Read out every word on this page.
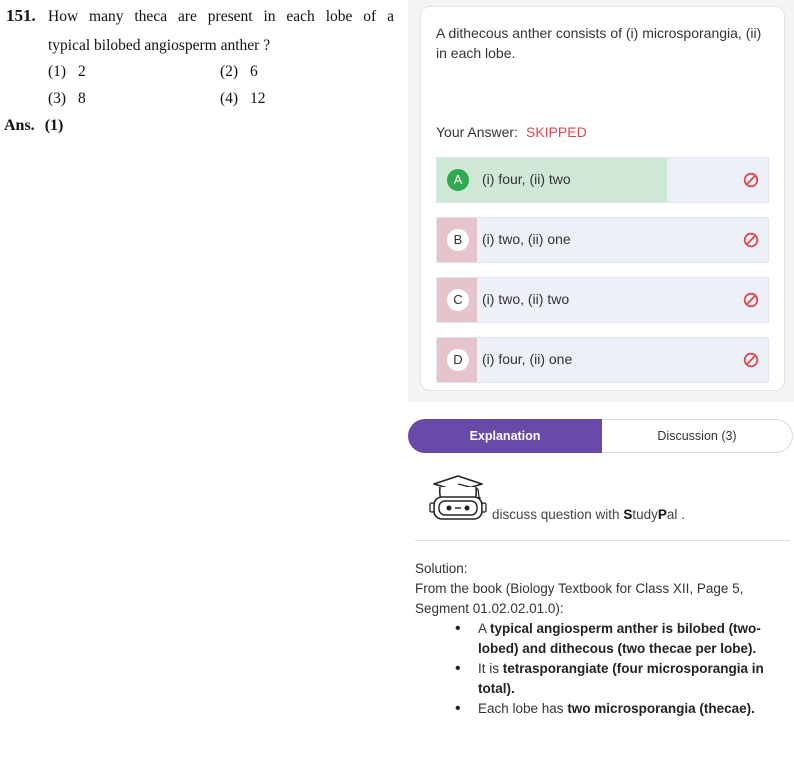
151. How many theca are present in each lobe of a
typical bilobed angiosperm anther ?
(1) 2	(2) 6
(3) 8	(4) 12
Ans. (1)
A dithecous anther consists of (i) microsporangia, (ii) in each lobe.
Your Answer: SKIPPED
A	(i) four, (ii) two
B	(i) two, (ii) one
C	(i) two, (ii) two
D	(i) four, (ii) one
Explanation	Discussion (3)
discuss question with StudyPal .
Solution:
From the book (Biology Textbook for Class XII, Page 5, Segment 01.02.02.01.0):
• A typical angiosperm anther is bilobed (two-lobed) and dithecous (two thecae per lobe).
• It is tetrasporangiate (four microsporangia in total).
• Each lobe has two microsporangia (thecae).
